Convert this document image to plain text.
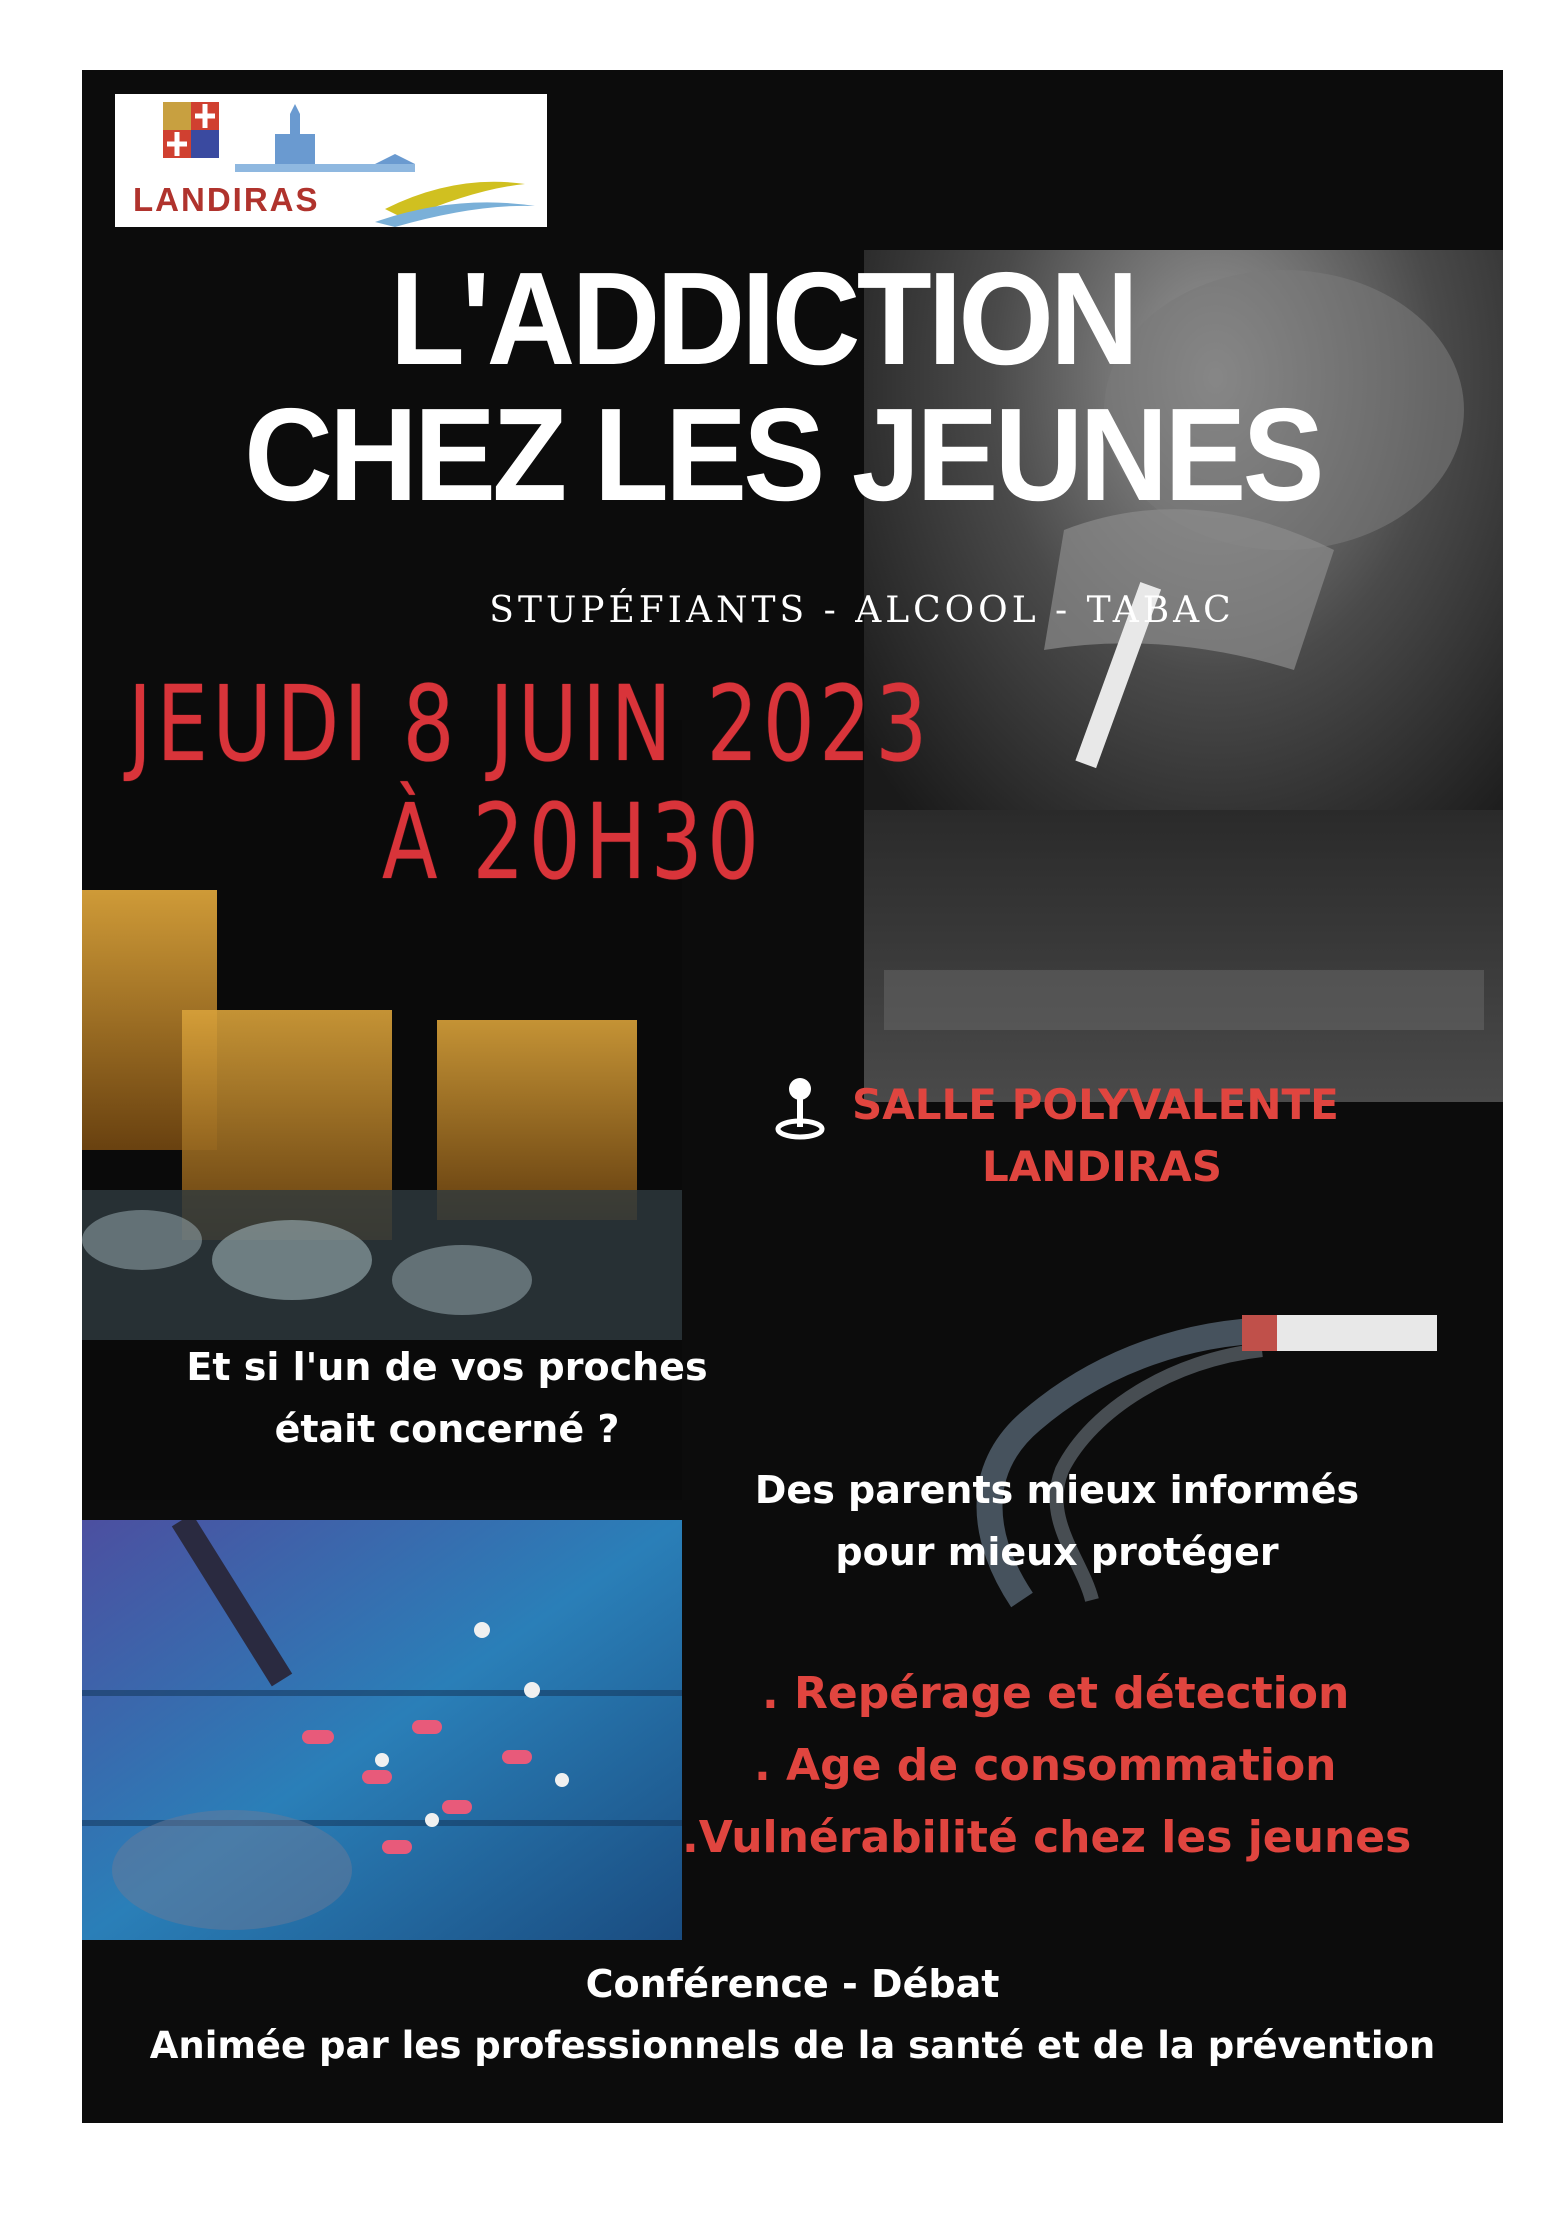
LANDIRAS
L'ADDICTION
CHEZ LES JEUNES
STUPÉFIANTS - ALCOOL - TABAC
JEUDI 8 JUIN 2023
À 20H30
SALLE POLYVALENTE
LANDIRAS
Et si l'un de vos proches
était concerné ?
Des parents mieux informés
pour mieux protéger
. Repérage et détection
. Age de consommation
.Vulnérabilité chez les jeunes
Conférence - Débat
Animée par les professionnels de la santé et de la prévention
